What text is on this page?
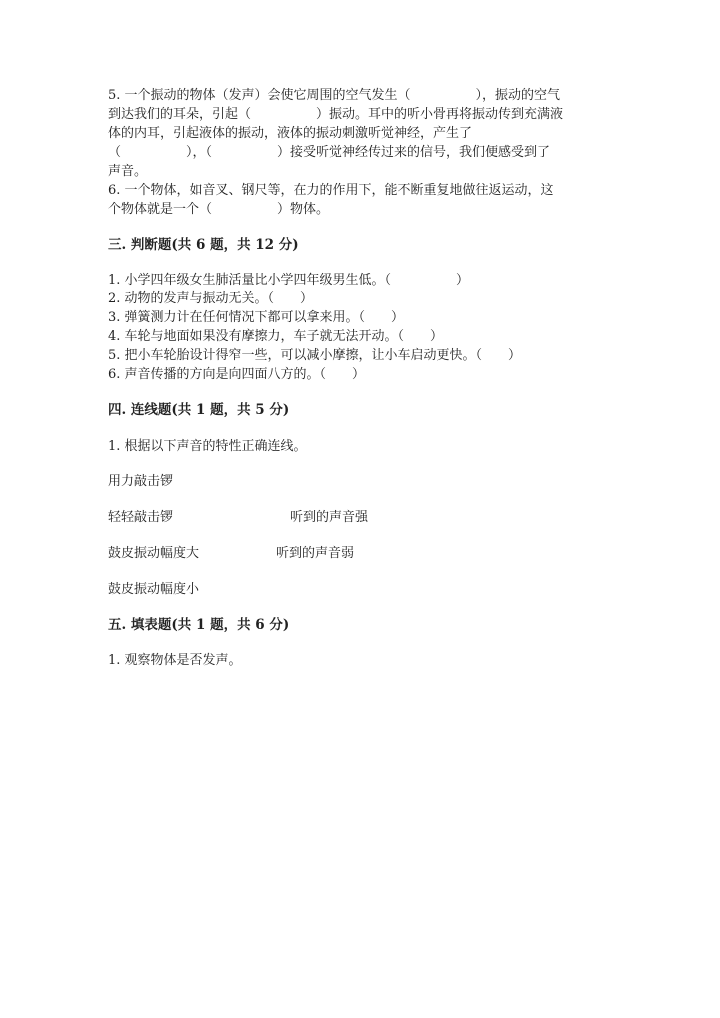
5. 一个振动的物体（发声）会使它周围的空气发生（　　　　　），振动的空气
到达我们的耳朵，引起（　　　　　）振动。耳中的听小骨再将振动传到充满液
体的内耳，引起液体的振动，液体的振动刺激听觉神经，产生了
（　　　　　），（　　　　　）接受听觉神经传过来的信号，我们便感受到了
声音。
6. 一个物体，如音叉、钢尺等，在力的作用下，能不断重复地做往返运动，这
个物体就是一个（　　　　　）物体。
三. 判断题(共 6 题，共 12 分)
1. 小学四年级女生肺活量比小学四年级男生低。（　　　　　）
2. 动物的发声与振动无关。（　　）
3. 弹簧测力计在任何情况下都可以拿来用。（　　）
4. 车轮与地面如果没有摩擦力，车子就无法开动。（　　）
5. 把小车轮胎设计得窄一些，可以减小摩擦，让小车启动更快。（　　）
6. 声音传播的方向是向四面八方的。（　　）
四. 连线题(共 1 题，共 5 分)
1. 根据以下声音的特性正确连线。
用力敲击锣
轻轻敲击锣	听到的声音强
鼓皮振动幅度大	听到的声音弱
鼓皮振动幅度小
五. 填表题(共 1 题，共 6 分)
1. 观察物体是否发声。
